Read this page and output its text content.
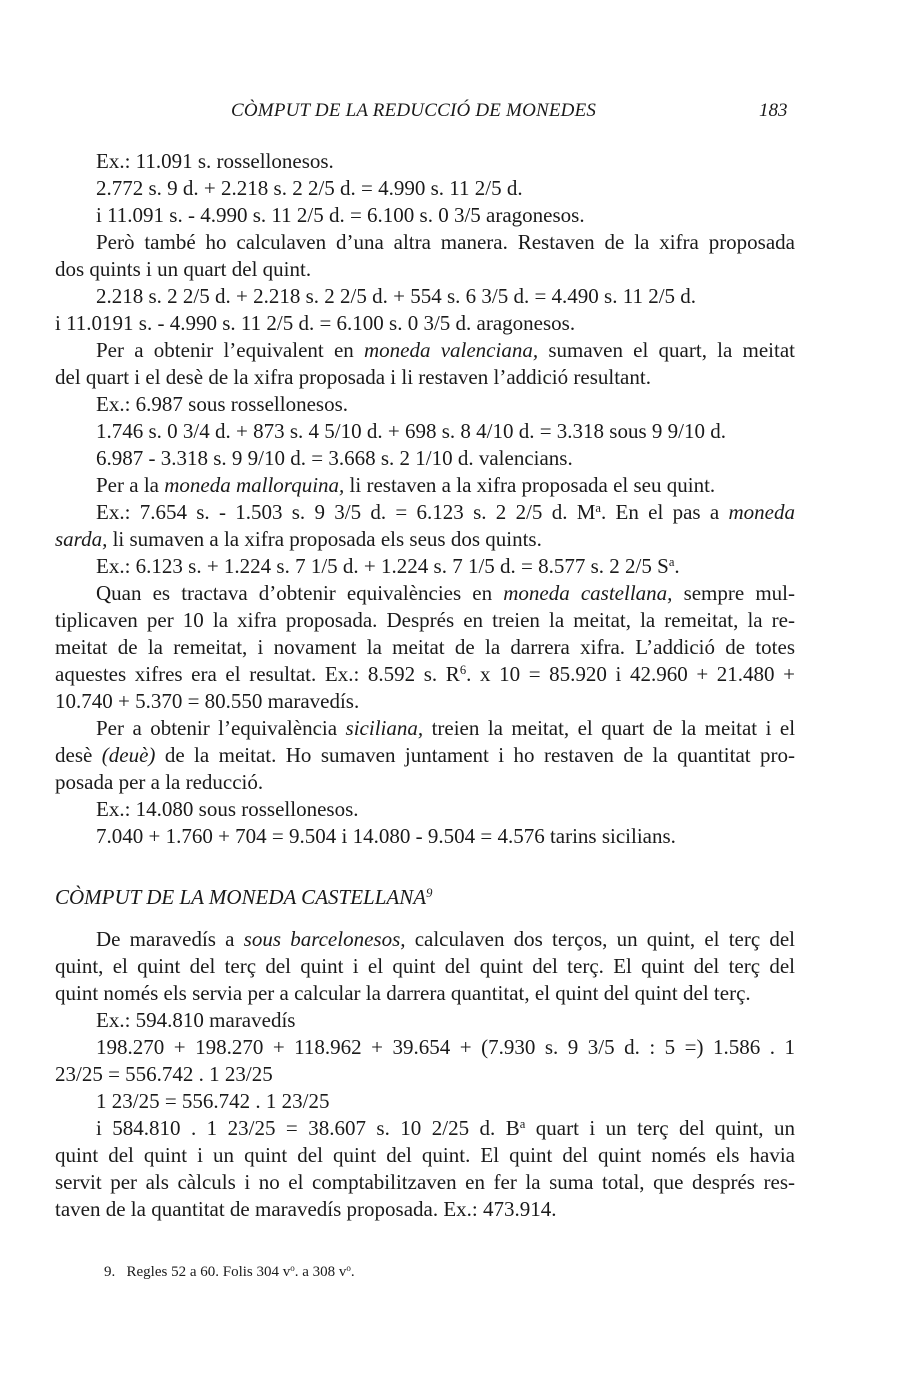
CÒMPUT DE LA REDUCCIÓ DE MONEDES	183
Ex.: 11.091 s. rossellonesos.
2.772 s. 9 d. + 2.218 s. 2 2/5 d. = 4.990 s. 11 2/5 d.
i 11.091 s. - 4.990 s. 11 2/5 d. = 6.100 s. 0 3/5 aragonesos.
Però també ho calculaven d’una altra manera. Restaven de la xifra proposada
dos quints i un quart del quint.
2.218 s. 2 2/5 d. + 2.218 s. 2 2/5 d. + 554 s. 6 3/5 d. = 4.490 s. 11 2/5 d.
i 11.0191 s. - 4.990 s. 11 2/5 d. = 6.100 s. 0 3/5 d. aragonesos.
Per a obtenir l’equivalent en moneda valenciana, sumaven el quart, la meitat
del quart i el desè de la xifra proposada i li restaven l’addició resultant.
Ex.: 6.987 sous rossellonesos.
1.746 s. 0 3/4 d. + 873 s. 4 5/10 d. + 698 s. 8 4/10 d. = 3.318 sous 9 9/10 d.
6.987 - 3.318 s. 9 9/10 d. = 3.668 s. 2 1/10 d. valencians.
Per a la moneda mallorquina, li restaven a la xifra proposada el seu quint.
Ex.: 7.654 s. - 1.503 s. 9 3/5 d. = 6.123 s. 2 2/5 d. $M^a$. En el pas a moneda
sarda, li sumaven a la xifra proposada els seus dos quints.
Ex.: 6.123 s. + 1.224 s. 7 1/5 d. + 1.224 s. 7 1/5 d. = 8.577 s. 2 2/5 $S^a$.
Quan es tractava d’obtenir equivalències en moneda castellana, sempre mul-
tiplicaven per 10 la xifra proposada. Després en treien la meitat, la remeitat, la re-
meitat de la remeitat, i novament la meitat de la darrera xifra. L’addició de totes
aquestes xifres era el resultat. Ex.: 8.592 s. $R^6$. x 10 = 85.920 i 42.960 + 21.480 +
10.740 + 5.370 = 80.550 maravedís.
Per a obtenir l’equivalència siciliana, treien la meitat, el quart de la meitat i el
desè (deuè) de la meitat. Ho sumaven juntament i ho restaven de la quantitat pro-
posada per a la reducció.
Ex.: 14.080 sous rossellonesos.
7.040 + 1.760 + 704 = 9.504 i 14.080 - 9.504 = 4.576 tarins sicilians.
CÒMPUT DE LA MONEDA CASTELLANA$^9$
De maravedís a sous barcelonesos, calculaven dos terços, un quint, el terç del
quint, el quint del terç del quint i el quint del quint del terç. El quint del terç del
quint només els servia per a calcular la darrera quantitat, el quint del quint del terç.
Ex.: 594.810 maravedís
198.270 + 198.270 + 118.962 + 39.654 + (7.930 s. 9 3/5 d. : 5 =) 1.586 . 1
23/25 = 556.742 . 1 23/25
1 23/25 = 556.742 . 1 23/25
i 584.810 . 1 23/25 = 38.607 s. 10 2/25 d. $B^a$ quart i un terç del quint, un
quint del quint i un quint del quint del quint. El quint del quint només els havia
servit per als càlculs i no el comptabilitzaven en fer la suma total, que després res-
taven de la quantitat de maravedís proposada. Ex.: 473.914.
9. Regles 52 a 60. Folis 304 $v^o$. a 308 $v^o$.
